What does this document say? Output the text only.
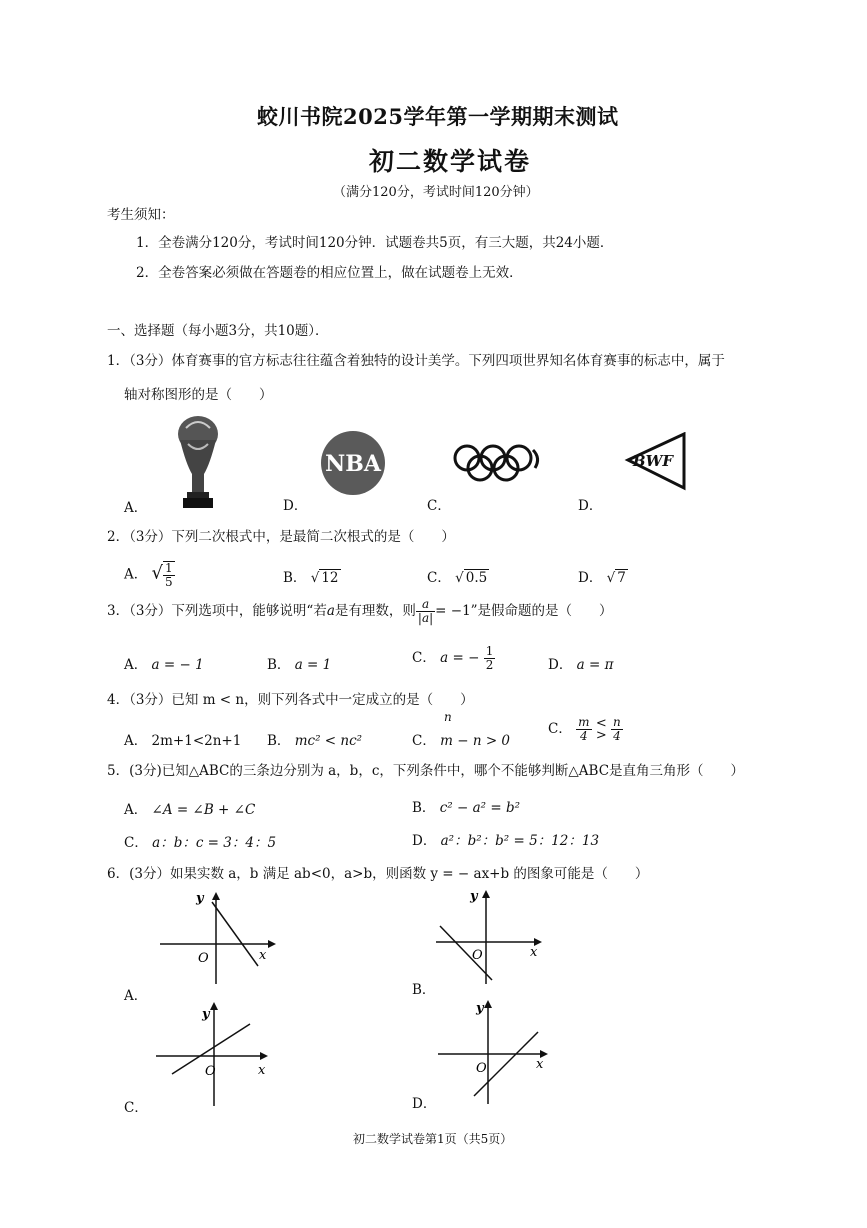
蛟川书院2025学年第一学期期末测试
初二数学试卷
（满分120分，考试时间120分钟）
考生须知：
1．全卷满分120分，考试时间120分钟．试题卷共5页，有三大题，共24小题．
2．全卷答案必须做在答题卷的相应位置上，做在试题卷上无效．
一、选择题（每小题3分，共10题）．
1．（3分）体育赛事的官方标志往往蕴含着独特的设计美学。下列四项世界知名体育赛事的标志中，属于
轴对称图形的是（　　）
NBA	BWF
A．	D．	C．	D．
2．（3分）下列二次根式中，是最简二次根式的是（　　）
A． √ $\frac{1}{5}$	B． √ 12	C． √ 0.5	D． √ 7
3．（3分）下列选项中，能够说明“若a是有理数，则 $\frac{a}{|a|} = -1$”是假命题的是（　　）
A． a = − 1	B． a = 1	C． a = − $\frac{1}{2}$	D． a = π
4．（3分）已知 m < n，则下列各式中一定成立的是（　　）
A． 2m+1<2n+1 B． mc² < nc²	C． m − n > 0
n
C． $\frac{m}{4}$
<
>
$\frac{n}{4}$
5．(3分)已知△ABC的三条边分别为 a，b，c，下列条件中，哪个不能够判断△ABC是直角三角形（　　）
A． ∠A = ∠B + ∠C	B． c² − a² = b²
C． a：b：c = 3：4：5	D． a²：b²：b² = 5：12：13
6．(3分）如果实数 a，b 满足 ab<0，a>b，则函数 y = − ax+b 的图象可能是（　　）
y
x
O
A．
y
x
O
B．
y
x
O
C．
y
x
O
D．
初二数学试卷第1页（共5页）
